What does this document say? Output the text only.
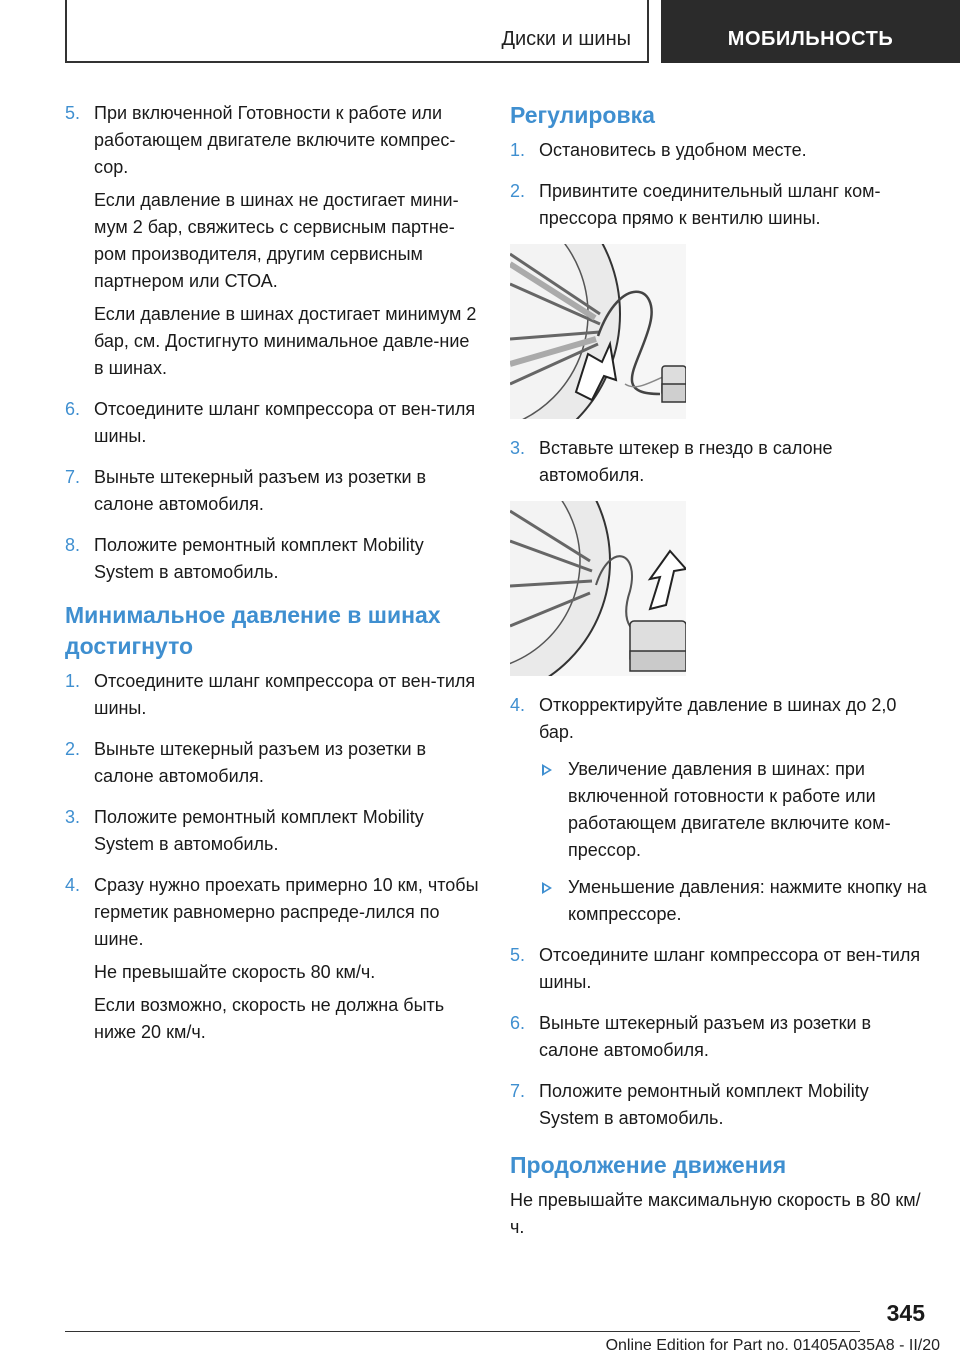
Диски и шины	МОБИЛЬНОСТЬ
5. При включенной Готовности к работе или работающем двигателе включите компрес‐сор.

Если давление в шинах не достигает мини‐мум 2 бар, свяжитесь с сервисным партне‐ром производителя, другим сервисным партнером или СТОА.

Если давление в шинах достигает минимум 2 бар, см. Достигнуто минимальное давле‐ние в шинах.

6. Отсоедините шланг компрессора от вен‐тиля шины.

7. Выньте штекерный разъем из розетки в салоне автомобиля.

8. Положите ремонтный комплект Mobility System в автомобиль.

Минимальное давление в шинах достигнуто
1. Отсоедините шланг компрессора от вен‐тиля шины.

2. Выньте штекерный разъем из розетки в салоне автомобиля.

3. Положите ремонтный комплект Mobility System в автомобиль.

4. Сразу нужно проехать примерно 10 км, чтобы герметик равномерно распреде‐лился по шине.

Не превышайте скорость 80 км/ч.

Если возможно, скорость не должна быть ниже 20 км/ч.

Регулировка
1. Остановитесь в удобном месте.

2. Привинтите соединительный шланг ком‐прессора прямо к вентилю шины.

3. Вставьте штекер в гнездо в салоне автомобиля.

4. Откорректируйте давление в шинах до 2,0 бар.

Увеличение давления в шинах: при включенной готовности к работе или работающем двигателе включите ком‐прессор.

Уменьшение давления: нажмите кнопку на компрессоре.

5. Отсоедините шланг компрессора от вен‐тиля шины.

6. Выньте штекерный разъем из розетки в салоне автомобиля.

7. Положите ремонтный комплект Mobility System в автомобиль.

Продолжение движения

Не превышайте максимальную скорость в 80 км/ч.

345
Online Edition for Part no. 01405A035A8 - II/20
